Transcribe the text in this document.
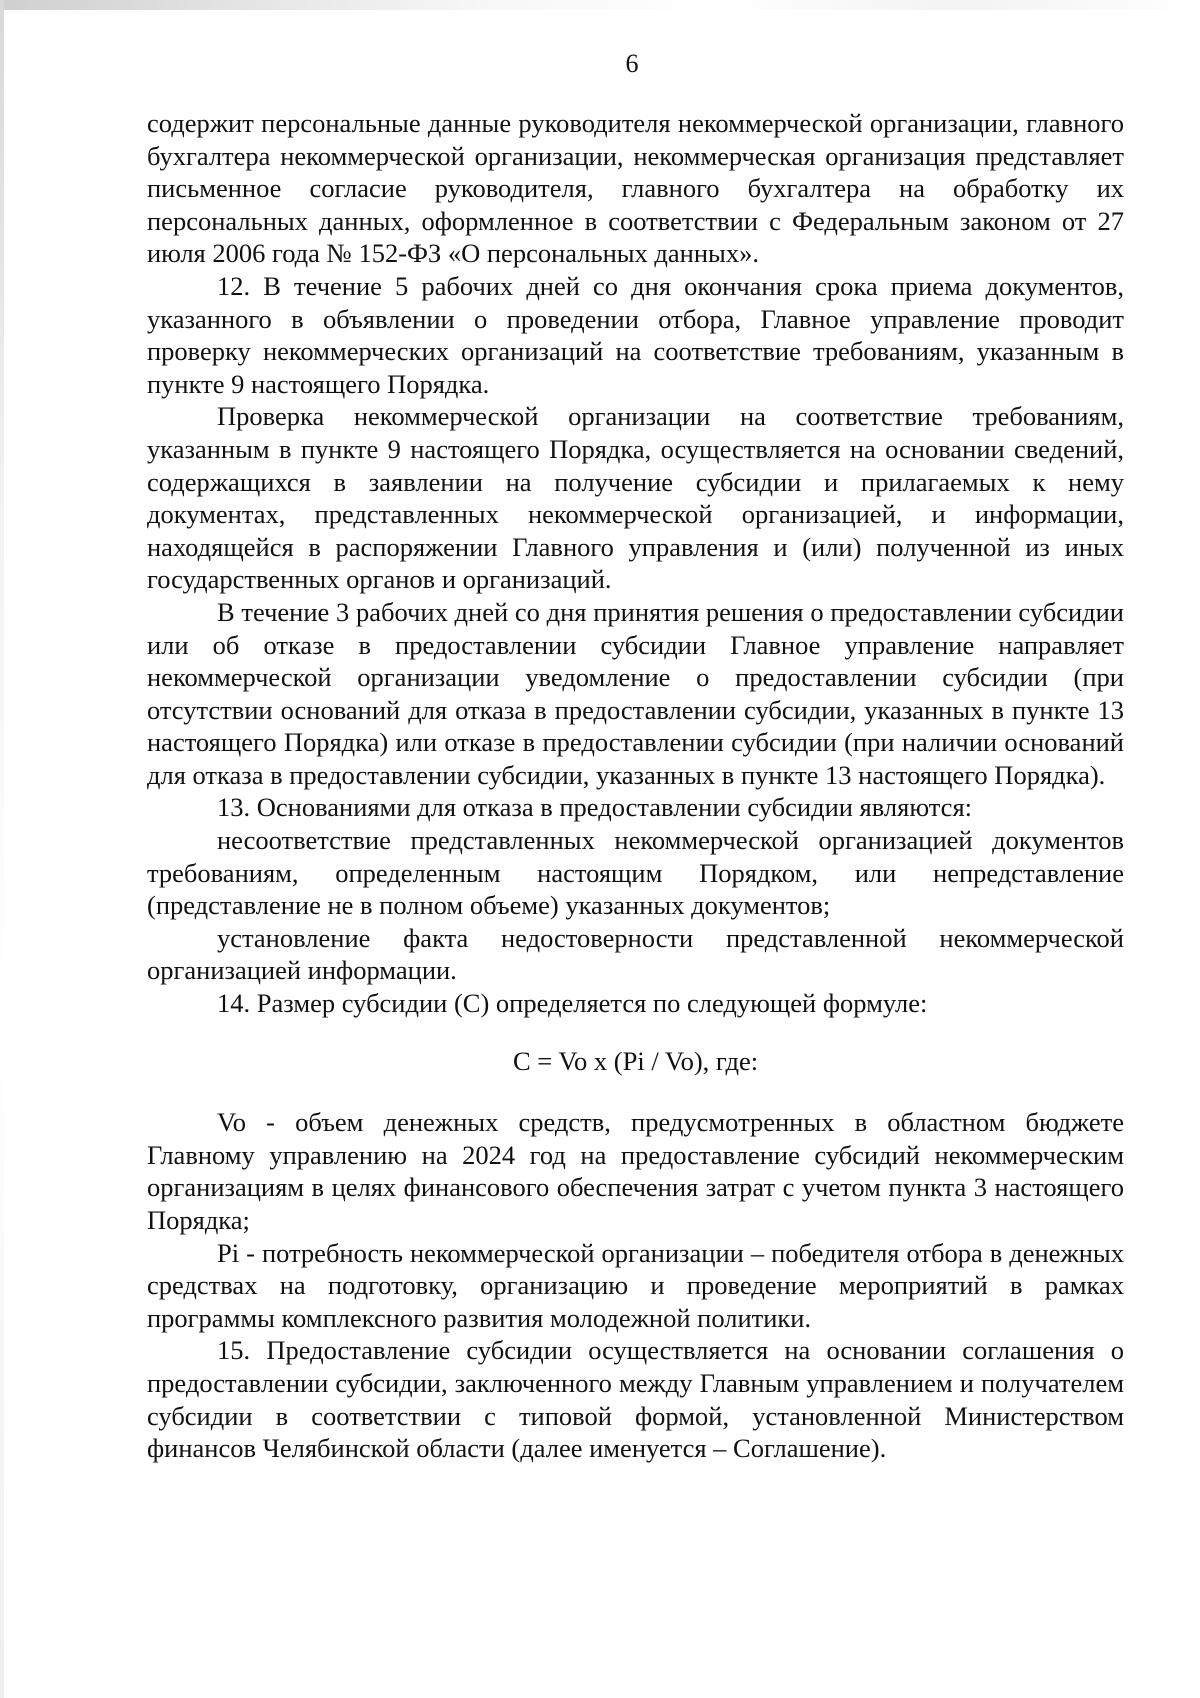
6

содержит персональные данные руководителя некоммерческой организации, главного бухгалтера некоммерческой организации, некоммерческая организация представляет письменное согласие руководителя, главного бухгалтера на обработку их персональных данных, оформленное в соответствии с Федеральным законом от 27 июля 2006 года № 152-ФЗ «О персональных данных».

12. В течение 5 рабочих дней со дня окончания срока приема документов, указанного в объявлении о проведении отбора, Главное управление проводит проверку некоммерческих организаций на соответствие требованиям, указанным в пункте 9 настоящего Порядка.

Проверка некоммерческой организации на соответствие требованиям, указанным в пункте 9 настоящего Порядка, осуществляется на основании сведений, содержащихся в заявлении на получение субсидии и прилагаемых к нему документах, представленных некоммерческой организацией, и информации, находящейся в распоряжении Главного управления и (или) полученной из иных государственных органов и организаций.

В течение 3 рабочих дней со дня принятия решения о предоставлении субсидии или об отказе в предоставлении субсидии Главное управление направляет некоммерческой организации уведомление о предоставлении субсидии (при отсутствии оснований для отказа в предоставлении субсидии, указанных в пункте 13 настоящего Порядка) или отказе в предоставлении субсидии (при наличии оснований для отказа в предоставлении субсидии, указанных в пункте 13 настоящего Порядка).

13. Основаниями для отказа в предоставлении субсидии являются:

несоответствие представленных некоммерческой организацией документов требованиям, определенным настоящим Порядком, или непредставление (представление не в полном объеме) указанных документов;

установление факта недостоверности представленной некоммерческой организацией информации.

14. Размер субсидии (С) определяется по следующей формуле:

C = Vo x (Pi / Vo), где:

Vo - объем денежных средств, предусмотренных в областном бюджете Главному управлению на 2024 год на предоставление субсидий некоммерческим организациям в целях финансового обеспечения затрат с учетом пункта 3 настоящего Порядка;

Pi - потребность некоммерческой организации – победителя отбора в денежных средствах на подготовку, организацию и проведение мероприятий в рамках программы комплексного развития молодежной политики.

15. Предоставление субсидии осуществляется на основании соглашения о предоставлении субсидии, заключенного между Главным управлением и получателем субсидии в соответствии с типовой формой, установленной Министерством финансов Челябинской области (далее именуется – Соглашение).
